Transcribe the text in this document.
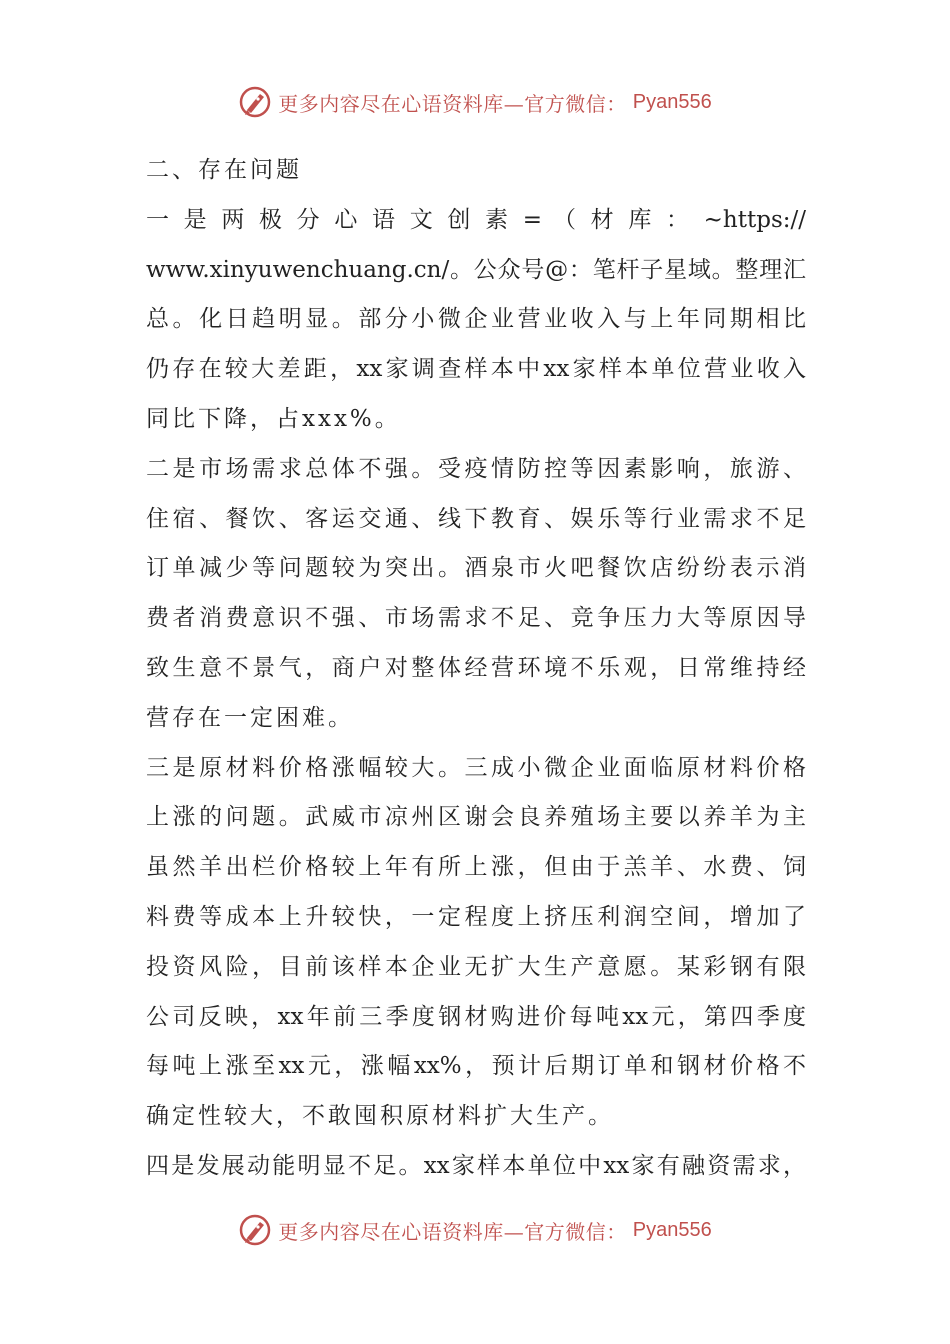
更多内容尽在心语资料库—官方微信： Pyan556
二、存在问题
一 是 两 极 分 心 语 文 创 素 = （ 材 库 ： ~https://
www.xinyuwenchuang.cn/。公众号@：笔杆子星域。整理汇
总。化日趋明显。部分小微企业营业收入与上年同期相比
仍存在较大差距，xx家调查样本中xx家样本单位营业收入
同比下降，占xxx%。
二是市场需求总体不强。受疫情防控等因素影响，旅游、
住宿、餐饮、客运交通、线下教育、娱乐等行业需求不足
订单减少等问题较为突出。酒泉市火吧餐饮店纷纷表示消
费者消费意识不强、市场需求不足、竞争压力大等原因导
致生意不景气，商户对整体经营环境不乐观，日常维持经
营存在一定困难。
三是原材料价格涨幅较大。三成小微企业面临原材料价格
上涨的问题。武威市凉州区谢会良养殖场主要以养羊为主
虽然羊出栏价格较上年有所上涨，但由于羔羊、水费、饲
料费等成本上升较快，一定程度上挤压利润空间，增加了
投资风险，目前该样本企业无扩大生产意愿。某彩钢有限
公司反映，xx年前三季度钢材购进价每吨xx元，第四季度
每吨上涨至xx元，涨幅xx%，预计后期订单和钢材价格不
确定性较大，不敢囤积原材料扩大生产。
四是发展动能明显不足。xx家样本单位中xx家有融资需求，
更多内容尽在心语资料库—官方微信： Pyan556
